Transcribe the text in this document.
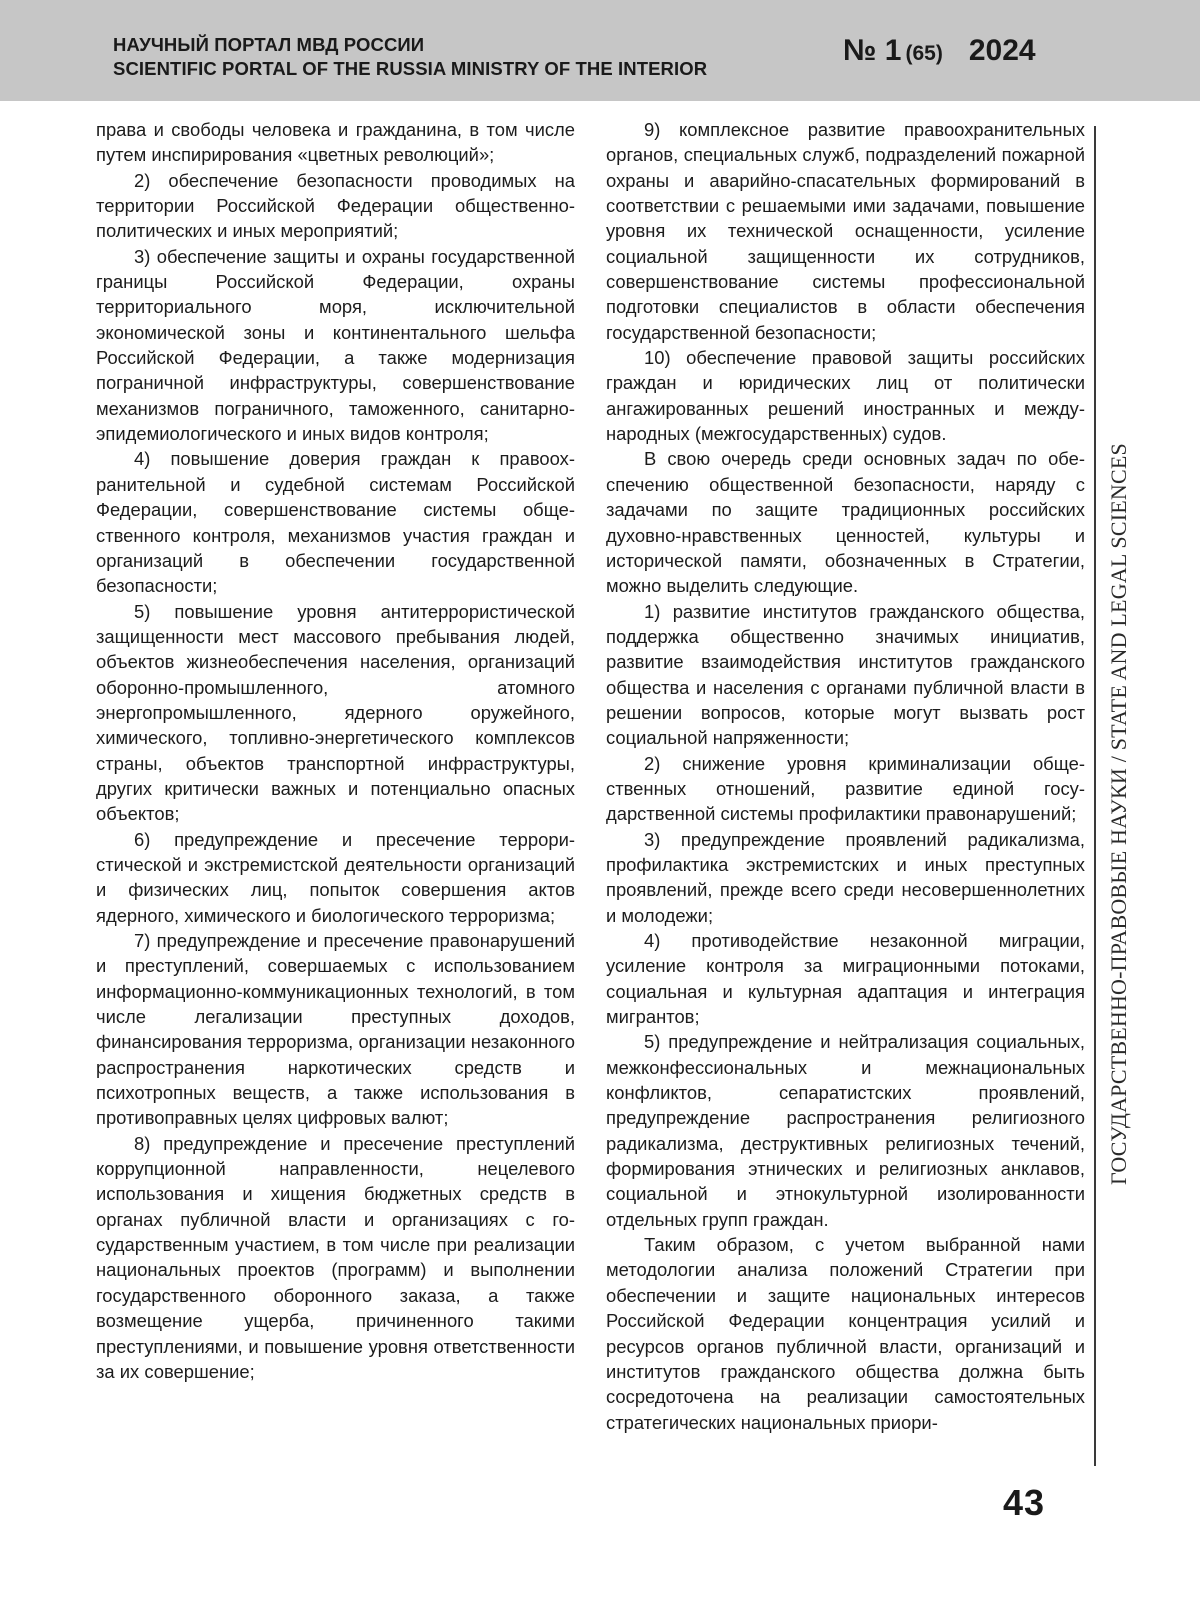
НАУЧНЫЙ ПОРТАЛ МВД РОССИИ
SCIENTIFIC PORTAL OF THE RUSSIA MINISTRY OF THE INTERIOR
№ 1 (65) 2024

права и свободы человека и гражданина, в том числе путем инспирирования «цветных революций»;

2) обеспечение безопасности проводимых на территории Российской Федерации общественно-политических и иных мероприятий;

3) обеспечение защиты и охраны государственной границы Российской Федерации, охраны территориального моря, исключительной экономической зоны и континентального шельфа Российской Федерации, а также модернизация пограничной инфраструктуры, совершенствование механизмов пограничного, таможенного, санитарно-эпидемиологического и иных видов контроля;

4) повышение доверия граждан к правоохранительной и судебной системам Российской Федерации, совершенствование системы общественного контроля, механизмов участия граждан и организаций в обеспечении государственной безопасности;

5) повышение уровня антитеррористической защищенности мест массового пребывания людей, объектов жизнеобеспечения населения, организаций оборонно-промышленного, атомного энергопромышленного, ядерного оружейного, химического, топливно-энергетического комплексов страны, объектов транспортной инфраструктуры, других критически важных и потенциально опасных объектов;

6) предупреждение и пресечение террористической и экстремистской деятельности организаций и физических лиц, попыток совершения актов ядерного, химического и биологического терроризма;

7) предупреждение и пресечение правонарушений и преступлений, совершаемых с использованием информационно-коммуникационных технологий, в том числе легализации преступных доходов, финансирования терроризма, организации незаконного распространения наркотических средств и психотропных веществ, а также использования в противоправных целях цифровых валют;

8) предупреждение и пресечение преступлений коррупционной направленности, нецелевого использования и хищения бюджетных средств в органах публичной власти и организациях с государственным участием, в том числе при реализации национальных проектов (программ) и выполнении государственного оборонного заказа, а также возмещение ущерба, причиненного такими преступлениями, и повышение уровня ответственности за их совершение;

9) комплексное развитие правоохранительных органов, специальных служб, подразделений пожарной охраны и аварийно-спасательных формирований в соответствии с решаемыми ими задачами, повышение уровня их технической оснащенности, усиление социальной защищенности их сотрудников, совершенствование системы профессиональной подготовки специалистов в области обеспечения государственной безопасности;

10) обеспечение правовой защиты российских граждан и юридических лиц от политически ангажированных решений иностранных и международных (межгосударственных) судов.

В свою очередь среди основных задач по обеспечению общественной безопасности, наряду с задачами по защите традиционных российских духовно-нравственных ценностей, культуры и исторической памяти, обозначенных в Стратегии, можно выделить следующие.

1) развитие институтов гражданского общества, поддержка общественно значимых инициатив, развитие взаимодействия институтов гражданского общества и населения с органами публичной власти в решении вопросов, которые могут вызвать рост социальной напряженности;

2) снижение уровня криминализации общественных отношений, развитие единой государственной системы профилактики правонарушений;

3) предупреждение проявлений радикализма, профилактика экстремистских и иных преступных проявлений, прежде всего среди несовершеннолетних и молодежи;

4) противодействие незаконной миграции, усиление контроля за миграционными потоками, социальная и культурная адаптация и интеграция мигрантов;

5) предупреждение и нейтрализация социальных, межконфессиональных и межнациональных конфликтов, сепаратистских проявлений, предупреждение распространения религиозного радикализма, деструктивных религиозных течений, формирования этнических и религиозных анклавов, социальной и этнокультурной изолированности отдельных групп граждан.

Таким образом, с учетом выбранной нами методологии анализа положений Стратегии при обеспечении и защите национальных интересов Российской Федерации концентрация усилий и ресурсов органов публичной власти, организаций и институтов гражданского общества должна быть сосредоточена на реализации самостоятельных стратегических национальных приори-

ГОСУДАРСТВЕННО-ПРАВОВЫЕ НАУКИ / STATE AND LEGAL SCIENCES
43
